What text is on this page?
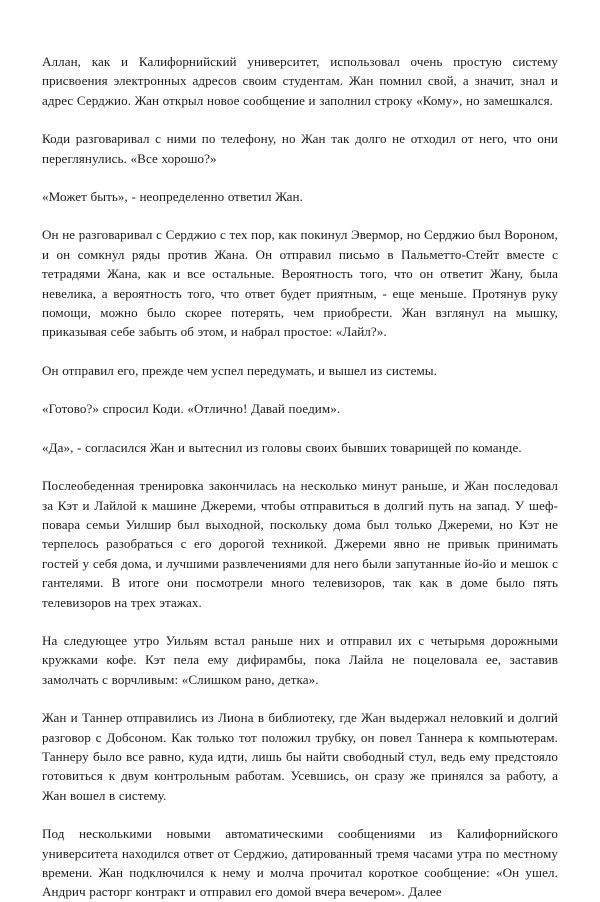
Аллан, как и Калифорнийский университет, использовал очень простую систему присвоения электронных адресов своим студентам. Жан помнил свой, а значит, знал и адрес Серджио. Жан открыл новое сообщение и заполнил строку «Кому», но замешкался.

Коди разговаривал с ними по телефону, но Жан так долго не отходил от него, что они переглянулись. «Все хорошо?»

«Может быть», - неопределенно ответил Жан.

Он не разговаривал с Серджио с тех пор, как покинул Эвермор, но Серджио был Вороном, и он сомкнул ряды против Жана. Он отправил письмо в Пальметто-Стейт вместе с тетрадями Жана, как и все остальные. Вероятность того, что он ответит Жану, была невелика, а вероятность того, что ответ будет приятным, - еще меньше. Протянув руку помощи, можно было скорее потерять, чем приобрести. Жан взглянул на мышку, приказывая себе забыть об этом, и набрал простое: «Лайл?».

Он отправил его, прежде чем успел передумать, и вышел из системы.

«Готово?» спросил Коди. «Отлично! Давай поедим».

«Да», - согласился Жан и вытеснил из головы своих бывших товарищей по команде.

Послеобеденная тренировка закончилась на несколько минут раньше, и Жан последовал за Кэт и Лайлой к машине Джереми, чтобы отправиться в долгий путь на запад. У шеф-повара семьи Уилшир был выходной, поскольку дома был только Джереми, но Кэт не терпелось разобраться с его дорогой техникой. Джереми явно не привык принимать гостей у себя дома, и лучшими развлечениями для него были запутанные йо-йо и мешок с гантелями. В итоге они посмотрели много телевизоров, так как в доме было пять телевизоров на трех этажах.

На следующее утро Уильям встал раньше них и отправил их с четырьмя дорожными кружками кофе. Кэт пела ему дифирамбы, пока Лайла не поцеловала ее, заставив замолчать с ворчливым: «Слишком рано, детка».

Жан и Таннер отправились из Лиона в библиотеку, где Жан выдержал неловкий и долгий разговор с Добсоном. Как только тот положил трубку, он повел Таннера к компьютерам. Таннеру было все равно, куда идти, лишь бы найти свободный стул, ведь ему предстояло готовиться к двум контрольным работам. Усевшись, он сразу же принялся за работу, а Жан вошел в систему.

Под несколькими новыми автоматическими сообщениями из Калифорнийского университета находился ответ от Серджио, датированный тремя часами утра по местному времени. Жан подключился к нему и молча прочитал короткое сообщение: «Он ушел. Андрич расторг контракт и отправил его домой вчера вечером». Далее
